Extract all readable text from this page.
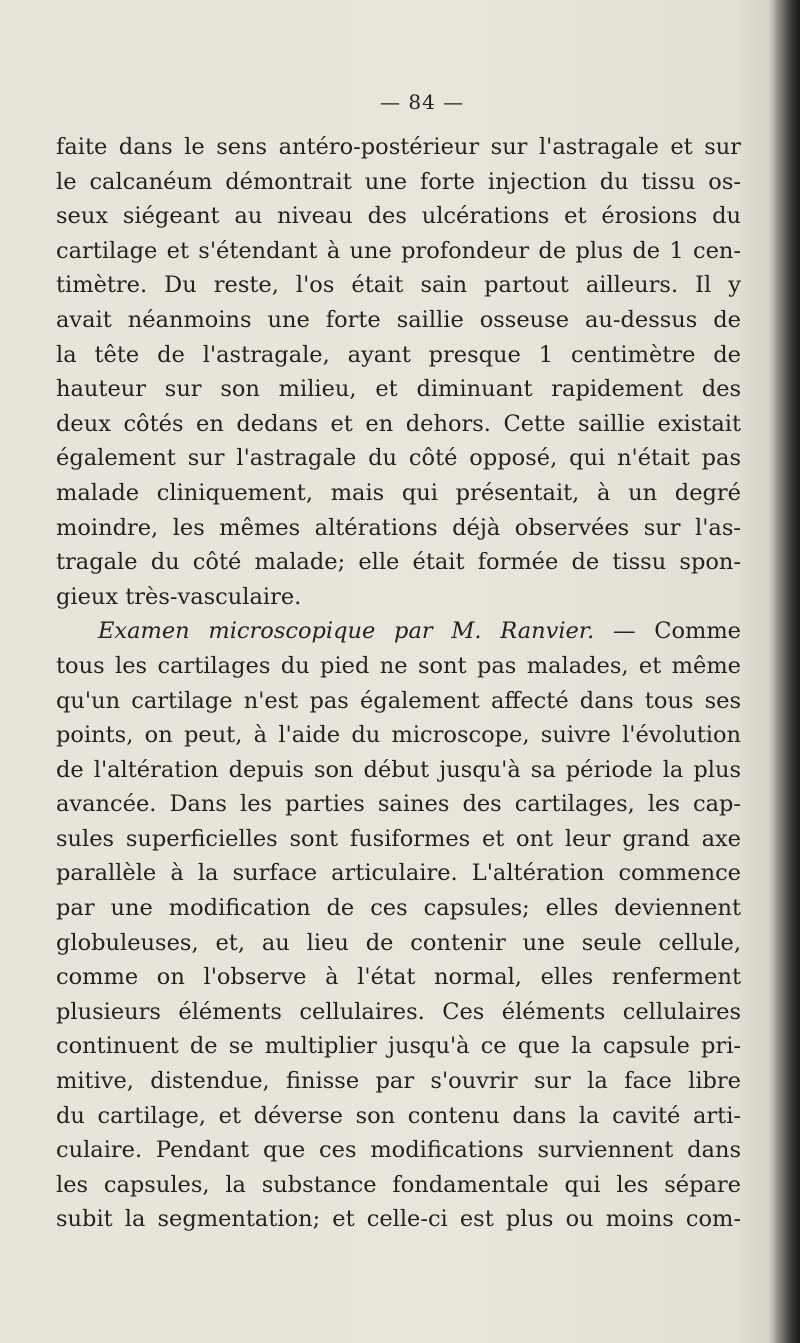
— 84 —
faite dans le sens antéro-postérieur sur l'astragale et sur
le calcanéum démontrait une forte injection du tissu os-
seux siégeant au niveau des ulcérations et érosions du
cartilage et s'étendant à une profondeur de plus de 1 cen-
timètre. Du reste, l'os était sain partout ailleurs. Il y
avait néanmoins une forte saillie osseuse au-dessus de
la tête de l'astragale, ayant presque 1 centimètre de
hauteur sur son milieu, et diminuant rapidement des
deux côtés en dedans et en dehors. Cette saillie existait
également sur l'astragale du côté opposé, qui n'était pas
malade cliniquement, mais qui présentait, à un degré
moindre, les mêmes altérations déjà observées sur l'as-
tragale du côté malade; elle était formée de tissu spon-
gieux très-vasculaire.
Examen microscopique par M. Ranvier. — Comme
tous les cartilages du pied ne sont pas malades, et même
qu'un cartilage n'est pas également affecté dans tous ses
points, on peut, à l'aide du microscope, suivre l'évolution
de l'altération depuis son début jusqu'à sa période la plus
avancée. Dans les parties saines des cartilages, les cap-
sules superficielles sont fusiformes et ont leur grand axe
parallèle à la surface articulaire. L'altération commence
par une modification de ces capsules; elles deviennent
globuleuses, et, au lieu de contenir une seule cellule,
comme on l'observe à l'état normal, elles renferment
plusieurs éléments cellulaires. Ces éléments cellulaires
continuent de se multiplier jusqu'à ce que la capsule pri-
mitive, distendue, finisse par s'ouvrir sur la face libre
du cartilage, et déverse son contenu dans la cavité arti-
culaire. Pendant que ces modifications surviennent dans
les capsules, la substance fondamentale qui les sépare
subit la segmentation; et celle-ci est plus ou moins com-
